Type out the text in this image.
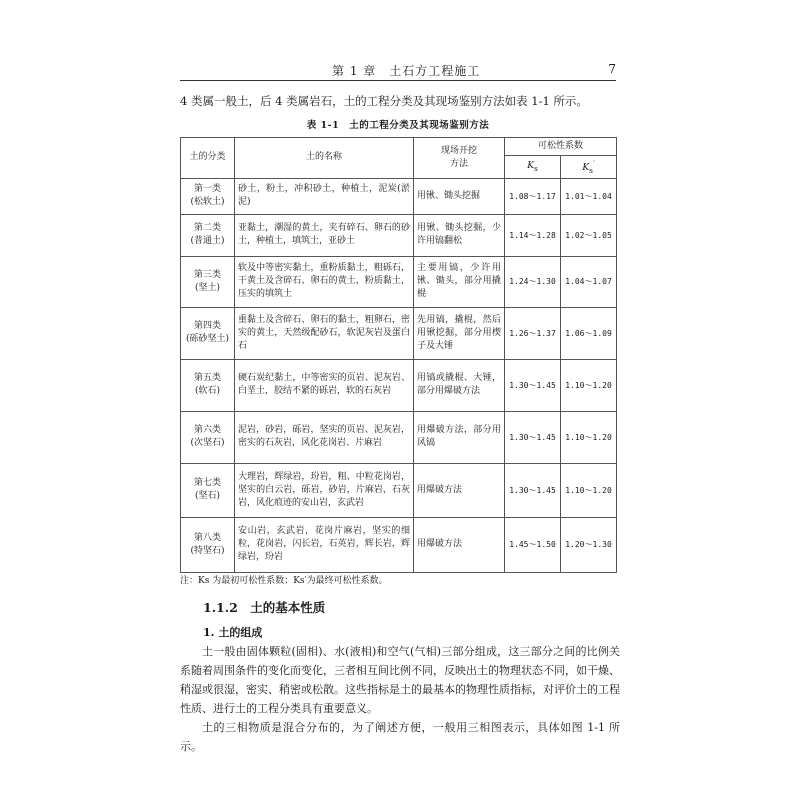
第 1 章　土石方工程施工	7
4 类属一般土，后 4 类属岩石，土的工程分类及其现场鉴别方法如表 1-1 所示。
表 1-1　土的工程分类及其现场鉴别方法
土的分类	土的名称	现场开挖方法	可松性系数	
			$K_s$	$K_s'$
第一类
(松软土)	砂土，粉土，冲积砂土，种植土，泥炭(淤泥)	用锹、锄头挖掘	1.08～1.17	1.01～1.04
第二类
(普通土)	亚黏土，潮湿的黄土，夹有碎石、卵石的砂土，种植土，填筑土，亚砂土	用锹、锄头挖掘，少许用镐翻松	1.14～1.28	1.02～1.05
第三类
(坚土)	软及中等密实黏土，重粉质黏土，粗砾石，干黄土及含碎石、卵石的黄土，粉质黏土，压实的填筑土	主要用镐，少许用锹、锄头，部分用撬棍	1.24～1.30	1.04～1.07
第四类
(砾砂坚土)	重黏土及含碎石、卵石的黏土，粗卵石，密实的黄土，天然级配砂石，软泥灰岩及蛋白石	先用镐，撬棍，然后用锹挖掘，部分用楔子及大锤	1.26～1.37	1.06～1.09
第五类
(软石)	硬石炭纪黏土，中等密实的页岩、泥灰岩、白垩土，胶结不紧的砾岩，软的石灰岩	用镐或撬棍、大锤，部分用爆破方法	1.30～1.45	1.10～1.20
第六类
(次坚石)	泥岩，砂岩，砾岩，坚实的页岩、泥灰岩，密实的石灰岩，风化花岗岩、片麻岩	用爆破方法，部分用风镐	1.30～1.45	1.10～1.20
第七类
(坚石)	大理岩，辉绿岩，玢岩，粗、中粒花岗岩，坚实的白云岩，砾岩，砂岩，片麻岩，石灰岩，风化痕迹的安山岩，玄武岩	用爆破方法	1.30～1.45	1.10～1.20
第八类
(特坚石)	安山岩，玄武岩，花岗片麻岩，坚实的细粒，花岗岩，闪长岩，石英岩，辉长岩，辉绿岩，玢岩	用爆破方法	1.45～1.50	1.20～1.30
注：Ks 为最初可松性系数；Ks′为最终可松性系数。
1.1.2　土的基本性质
1. 土的组成

土一般由固体颗粒(固相)、水(液相)和空气(气相)三部分组成，这三部分之间的比例关系随着周围条件的变化而变化，三者相互间比例不同，反映出土的物理状态不同，如干燥、稍湿或很湿，密实、稍密或松散。这些指标是土的最基本的物理性质指标，对评价土的工程性质、进行土的工程分类具有重要意义。

土的三相物质是混合分布的，为了阐述方便，一般用三相图表示，具体如图 1-1 所示。
